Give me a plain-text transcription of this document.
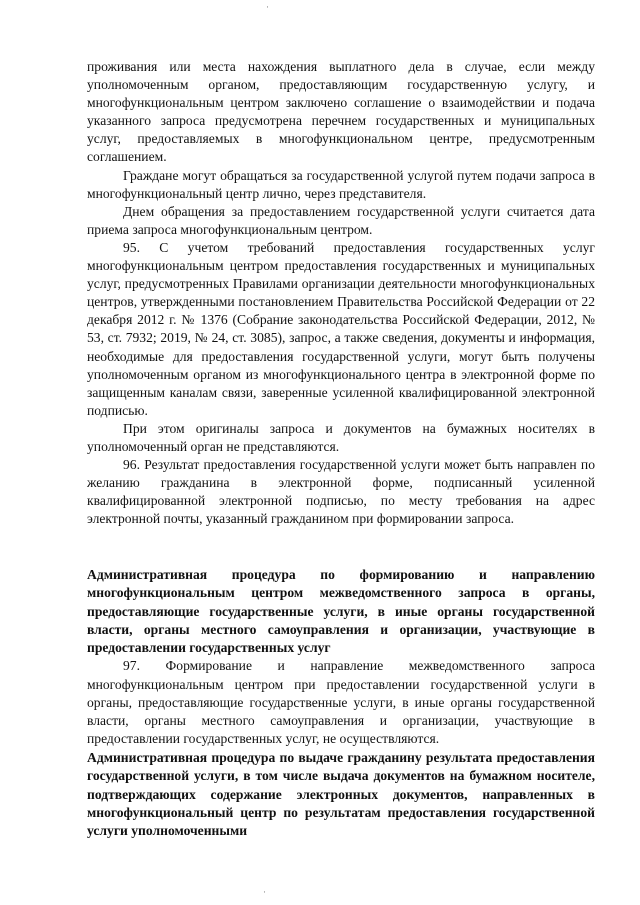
·

проживания или места нахождения выплатного дела в случае, если между уполномоченным органом, предоставляющим государственную услугу, и многофункциональным центром заключено соглашение о взаимодействии и подача указанного запроса предусмотрена перечнем государственных и муниципальных услуг, предоставляемых в многофункциональном центре, предусмотренным соглашением.

Граждане могут обращаться за государственной услугой путем подачи запроса в многофункциональный центр лично, через представителя.

Днем обращения за предоставлением государственной услуги считается дата приема запроса многофункциональным центром.

95. С учетом требований предоставления государственных услуг многофункциональным центром предоставления государственных и муниципальных услуг, предусмотренных Правилами организации деятельности многофункциональных центров, утвержденными постановлением Правительства Российской Федерации от 22 декабря 2012 г. № 1376 (Собрание законодательства Российской Федерации, 2012, № 53, ст. 7932; 2019, № 24, ст. 3085), запрос, а также сведения, документы и информация, необходимые для предоставления государственной услуги, могут быть получены уполномоченным органом из многофункционального центра в электронной форме по защищенным каналам связи, заверенные усиленной квалифицированной электронной подписью.

При этом оригиналы запроса и документов на бумажных носителях в уполномоченный орган не представляются.

96. Результат предоставления государственной услуги может быть направлен по желанию гражданина в электронной форме, подписанный усиленной квалифицированной электронной подписью, по месту требования на адрес электронной почты, указанный гражданином при формировании запроса.

Административная процедура по формированию и направлению многофункциональным центром межведомственного запроса в органы, предоставляющие государственные услуги, в иные органы государственной власти, органы местного самоуправления и организации, участвующие в предоставлении государственных услуг

97. Формирование и направление межведомственного запроса многофункциональным центром при предоставлении государственной услуги в органы, предоставляющие государственные услуги, в иные органы государственной власти, органы местного самоуправления и организации, участвующие в предоставлении государственных услуг, не осуществляются.

Административная процедура по выдаче гражданину результата предоставления государственной услуги, в том числе выдача документов на бумажном носителе, подтверждающих содержание электронных документов, направленных в многофункциональный центр по результатам предоставления государственной услуги уполномоченными

·
